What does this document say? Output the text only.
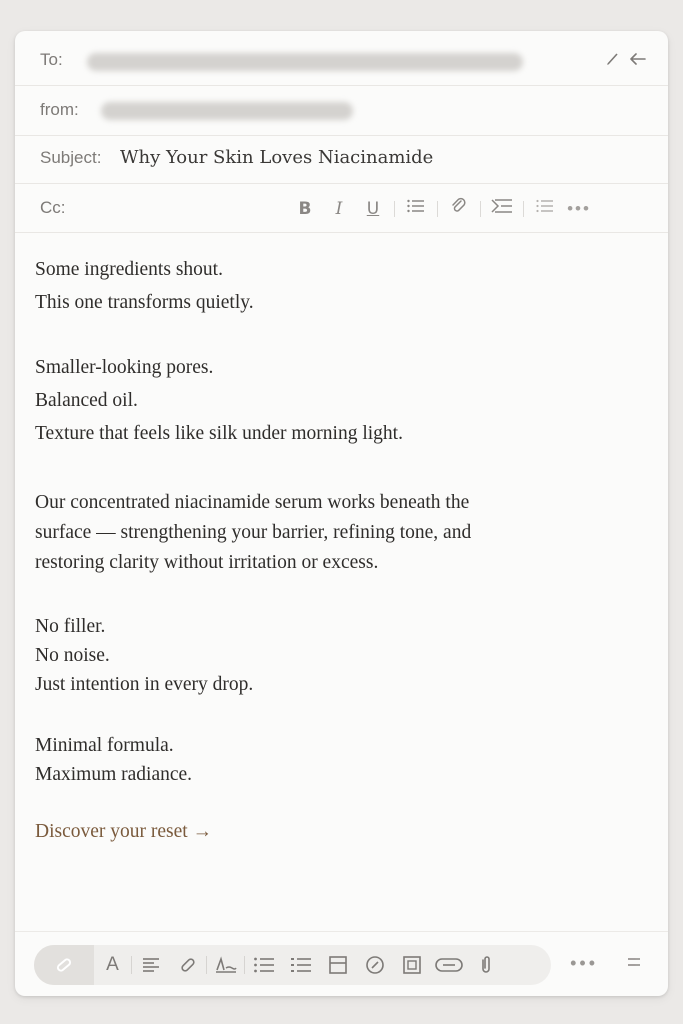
To:
from:
Subject: Why Your Skin Loves Niacinamide
Cc:	B	I	U	•••

Some ingredients shout.
This one transforms quietly.

Smaller-looking pores.
Balanced oil.
Texture that feels like silk under morning light.

Our concentrated niacinamide serum works beneath the
surface — strengthening your barrier, refining tone, and
restoring clarity without irritation or excess.

No filler.
No noise.
Just intention in every drop.

Minimal formula.
Maximum radiance.

Discover your reset →
A	•••
